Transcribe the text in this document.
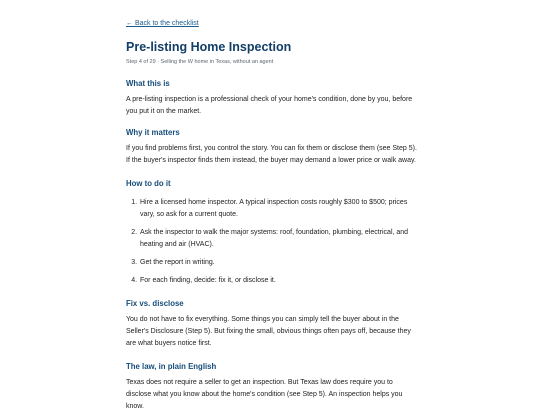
← Back to the checklist
Pre-listing Home Inspection
Step 4 of 29 · Selling the W home in Texas, without an agent
What this is

A pre-listing inspection is a professional check of your home's condition, done by you, before you put it on the market.

Why it matters

If you find problems first, you control the story. You can fix them or disclose them (see Step 5). If the buyer's inspector finds them instead, the buyer may demand a lower price or walk away.

How to do it
1. Hire a licensed home inspector. A typical inspection costs roughly $300 to $500; prices vary, so ask for a current quote.
2. Ask the inspector to walk the major systems: roof, foundation, plumbing, electrical, and heating and air (HVAC).
3. Get the report in writing.
4. For each finding, decide: fix it, or disclose it.
Fix vs. disclose

You do not have to fix everything. Some things you can simply tell the buyer about in the Seller's Disclosure (Step 5). But fixing the small, obvious things often pays off, because they are what buyers notice first.

The law, in plain English

Texas does not require a seller to get an inspection. But Texas law does require you to disclose what you know about the home's condition (see Step 5). An inspection helps you know.
